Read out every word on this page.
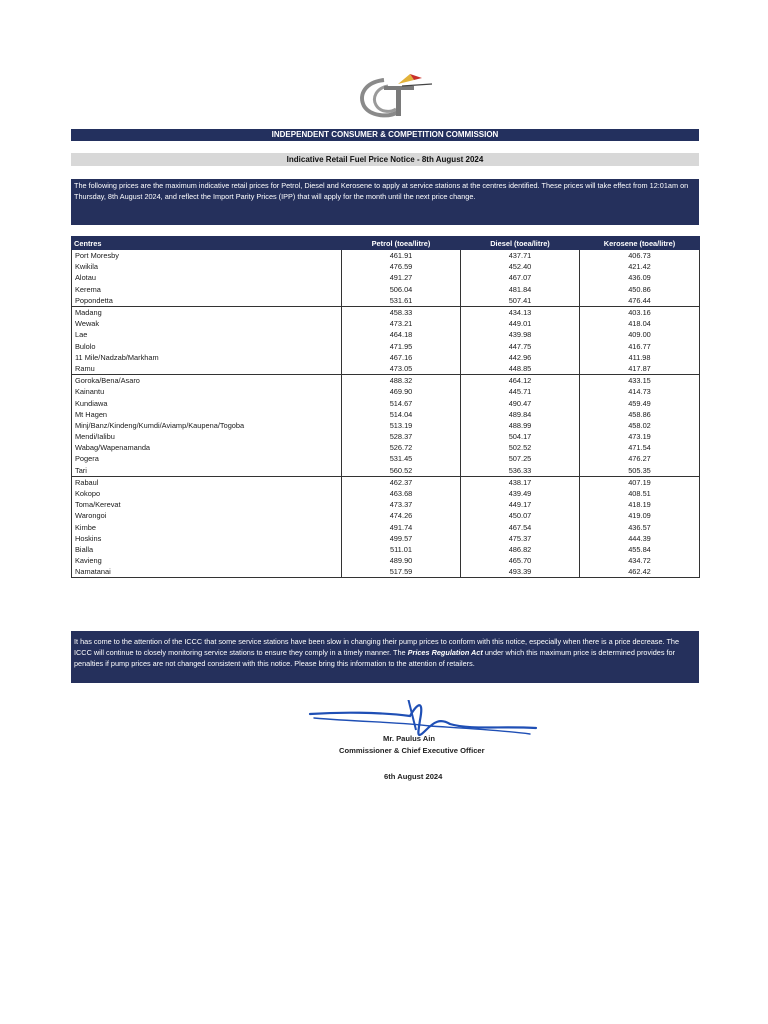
INDEPENDENT CONSUMER & COMPETITION COMMISSION
Indicative Retail Fuel Price Notice - 8th August 2024
The following prices are the maximum indicative retail prices for Petrol, Diesel and Kerosene to apply at service stations at the centres identified. These prices will take effect from 12:01am on Thursday, 8th August 2024, and reflect the Import Parity Prices (IPP) that will apply for the month until the next price change.
Centres	Petrol (toea/litre)	Diesel (toea/litre)	Kerosene (toea/litre)
Port Moresby	461.91	437.71	406.73
Kwikila	476.59	452.40	421.42
Alotau	491.27	467.07	436.09
Kerema	506.04	481.84	450.86
Popondetta	531.61	507.41	476.44
Madang	458.33	434.13	403.16
Wewak	473.21	449.01	418.04
Lae	464.18	439.98	409.00
Bulolo	471.95	447.75	416.77
11 Mile/Nadzab/Markham	467.16	442.96	411.98
Ramu	473.05	448.85	417.87
Goroka/Bena/Asaro	488.32	464.12	433.15
Kainantu	469.90	445.71	414.73
Kundiawa	514.67	490.47	459.49
Mt Hagen	514.04	489.84	458.86
Minj/Banz/Kindeng/Kumdi/Aviamp/Kaupena/Togoba	513.19	488.99	458.02
Mendi/Ialibu	528.37	504.17	473.19
Wabag/Wapenamanda	526.72	502.52	471.54
Pogera	531.45	507.25	476.27
Tari	560.52	536.33	505.35
Rabaul	462.37	438.17	407.19
Kokopo	463.68	439.49	408.51
Toma/Kerevat	473.37	449.17	418.19
Warongoi	474.26	450.07	419.09
Kimbe	491.74	467.54	436.57
Hoskins	499.57	475.37	444.39
Bialla	511.01	486.82	455.84
Kavieng	489.90	465.70	434.72
Namatanai	517.59	493.39	462.42
It has come to the attention of the ICCC that some service stations have been slow in changing their pump prices to conform with this notice, especially when there is a price decrease. The ICCC will continue to closely monitoring service stations to ensure they comply in a timely manner. The Prices Regulation Act under which this maximum price is determined provides for penalties if pump prices are not changed consistent with this notice. Please bring this information to the attention of retailers.
Mr. Paulus Ain
Commissioner & Chief Executive Officer
6th August 2024
